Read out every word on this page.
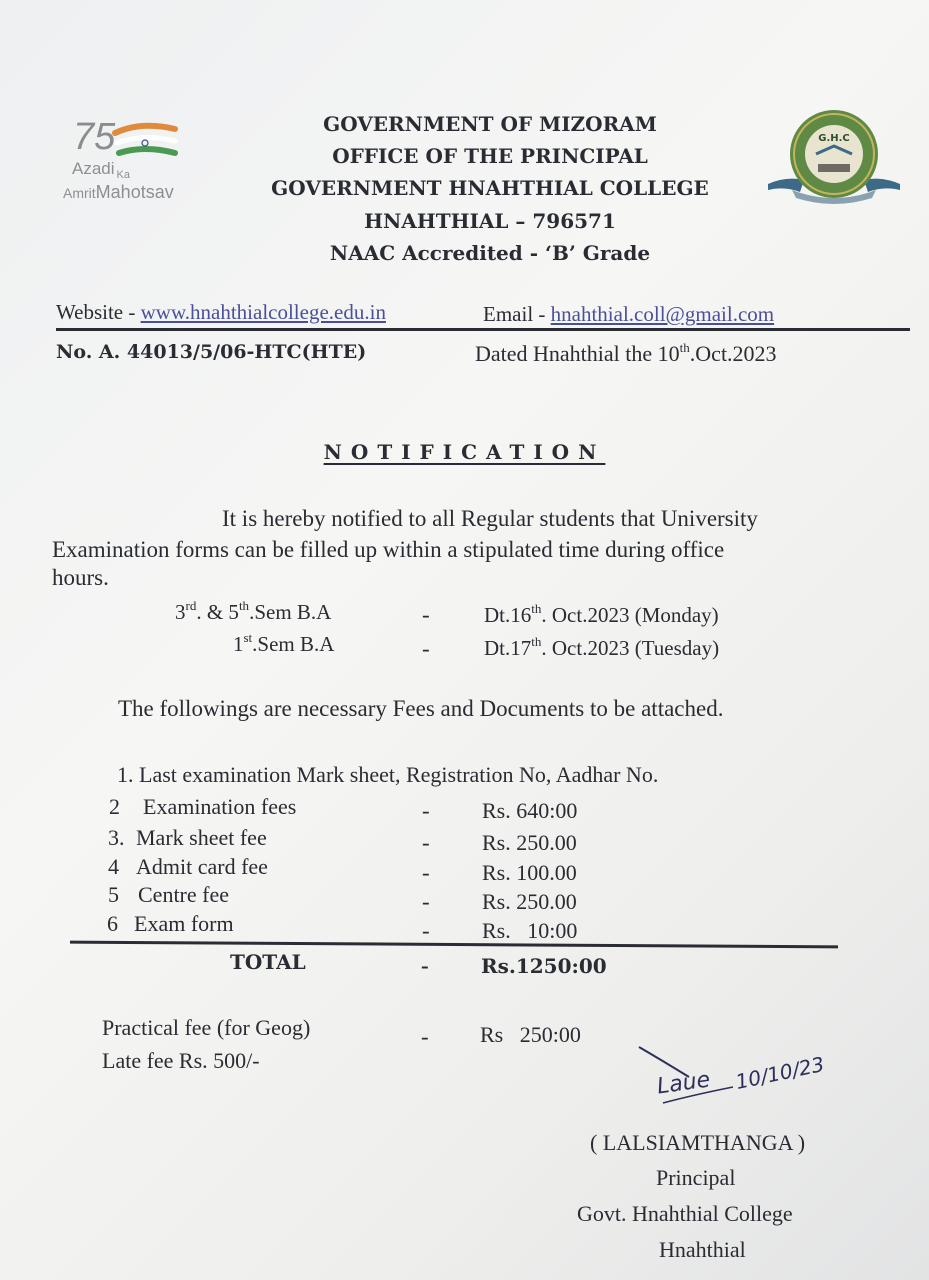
75
Azadi $_{Ka}$
AmritMahotsav
GOVERNMENT OF MIZORAM
OFFICE OF THE PRINCIPAL
GOVERNMENT HNAHTHIAL COLLEGE
HNAHTHIAL – 796571
NAAC Accredited - ‘B’ Grade
G.H.C
Website - www.hnahthialcollege.edu.in	Email - hnahthial.coll@gmail.com
No. A. 44013/5/06-HTC(HTE)	Dated Hnahthial the 10th.Oct.2023
NOTIFICATION
It is hereby notified to all Regular students that University
Examination forms can be filled up within a stipulated time during office
hours.
3rd. & 5th.Sem B.A	-	Dt.16th. Oct.2023 (Monday)
1st.Sem B.A	-	Dt.17th. Oct.2023 (Tuesday)
The followings are necessary Fees and Documents to be attached.
1. Last examination Mark sheet, Registration No, Aadhar No.
2 Examination fees	- Rs. 640:00
3. Mark sheet fee	- Rs. 250.00
4 Admit card fee	- Rs. 100.00
5 Centre fee	- Rs. 250.00
6 Exam form	- Rs.   10:00
TOTAL	-	Rs.1250:00
Practical fee (for Geog)	- Rs   250:00
Late fee Rs. 500/-
Laue 10/10/23
( LALSIAMTHANGA )
Principal
Govt. Hnahthial College
Hnahthial
